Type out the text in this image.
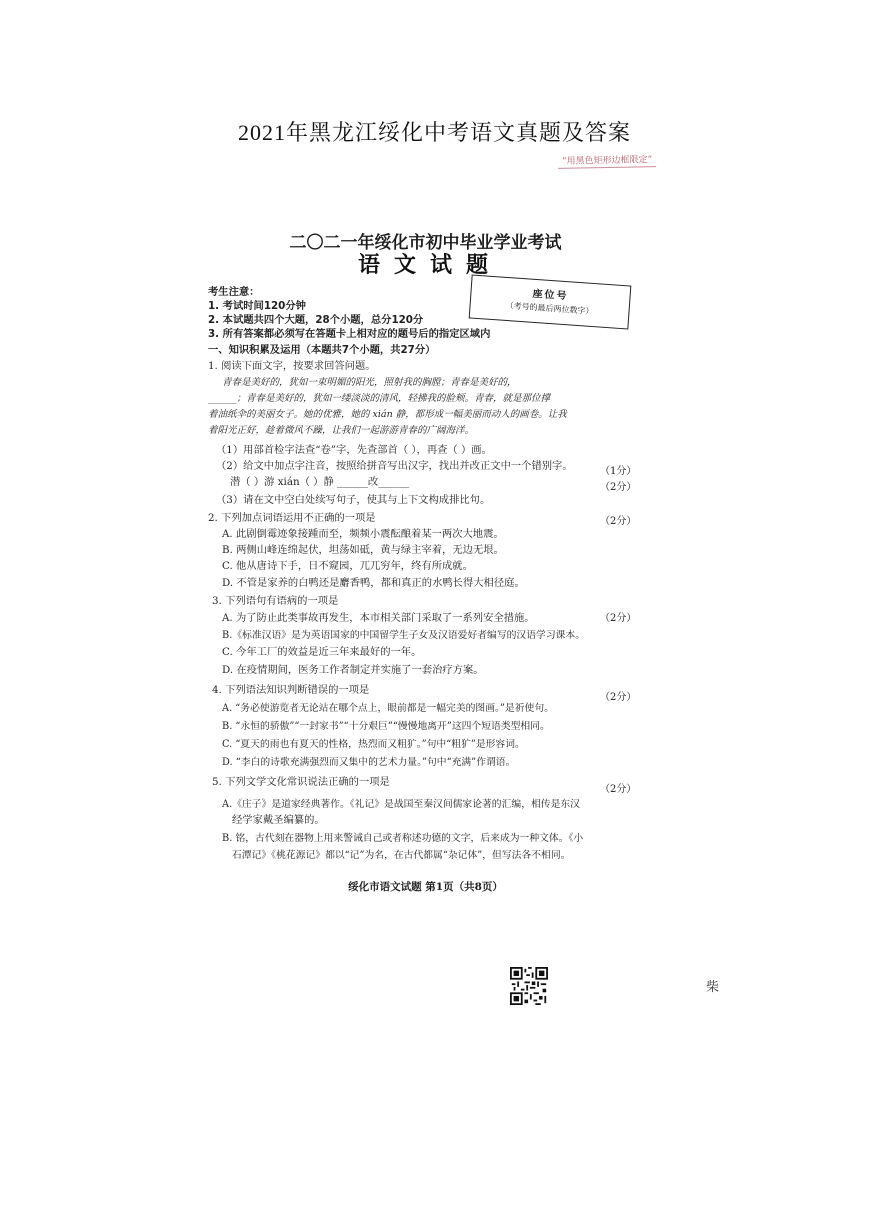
2021年黑龙江绥化中考语文真题及答案
“用黑色矩形边框限定”
二〇二一年绥化市初中毕业学业考试
语文试题
座位号
（考号的最后两位数字）
考生注意：
1. 考试时间120分钟
2. 本试题共四个大题，28个小题，总分120分
3. 所有答案都必须写在答题卡上相对应的题号后的指定区域内
一、知识积累及运用（本题共7个小题，共27分）
1. 阅读下面文字，按要求回答问题。
青春是美好的，犹如一束明媚的阳光，照射我的胸膛；青春是美好的，
______；青春是美好的，犹如一缕淡淡的清风，轻拂我的脸颊。青春，就是那位撑
着油纸伞的美丽女子。她的优雅，她的 xián 静，都形成一幅美丽而动人的画卷。让我
着阳光正好，趁着微风不躁，让我们一起游游青春的广阔海洋。
（1）用部首检字法查“卷”字，先查部首（ ），再查（ ）画。
（2）给文中加点字注音，按照给拼音写出汉字，找出并改正文中一个错别字。	（1分）
潜（ ）游 xián（ ）静 ______改______	（2分）
（3）请在文中空白处续写句子，使其与上下文构成排比句。
2. 下列加点词语运用不正确的一项是	（2分）
A. 此剧倒霉迹象接踵而至，频频小震酝酿着某一两次大地震。
B. 两侧山峰连绵起伏，坦荡如砥，黄与绿主宰着，无边无垠。
C. 他从唐诗下手，日不窥园，兀兀穷年，终有所成就。
D. 不管是家养的白鸭还是麝香鸭，都和真正的水鸭长得大相径庭。
3. 下列语句有语病的一项是
（2分）
A. 为了防止此类事故再发生，本市相关部门采取了一系列安全措施。
B.《标准汉语》是为英语国家的中国留学生子女及汉语爱好者编写的汉语学习课本。
C. 今年工厂的效益是近三年来最好的一年。
D. 在疫情期间，医务工作者制定并实施了一套治疗方案。
4. 下列语法知识判断错误的一项是
（2分）
A. “务必使游览者无论站在哪个点上，眼前都是一幅完美的图画。”是祈使句。
B. “永恒的骄傲”“一封家书”“十分艰巨”“慢慢地离开”这四个短语类型相同。
C. “夏天的雨也有夏天的性格，热烈而又粗犷。”句中“粗犷”是形容词。
D. “李白的诗歌充满强烈而又集中的艺术力量。”句中“充满”作谓语。
5. 下列文学文化常识说法正确的一项是
（2分）
A.《庄子》是道家经典著作。《礼记》是战国至秦汉间儒家论著的汇编，相传是东汉
经学家戴圣编纂的。
B. 铭，古代刻在器物上用来警诫自己或者称述功德的文字，后来成为一种文体。《小
石潭记》《桃花源记》都以“记”为名，在古代都属“杂记体”，但写法各不相同。
绥化市语文试题 第1页（共8页）
柴
